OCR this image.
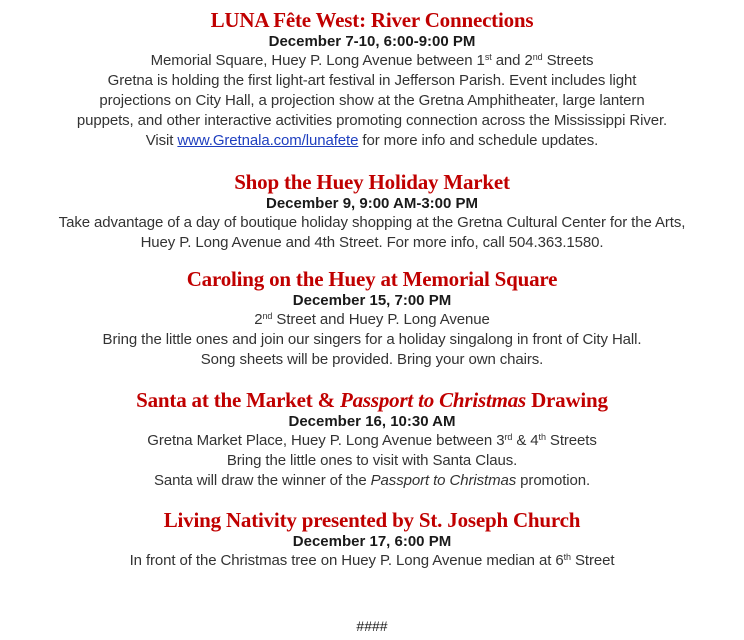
LUNA Fête West: River Connections
December 7-10, 6:00-9:00 PM
Memorial Square, Huey P. Long Avenue between 1st and 2nd Streets
Gretna is holding the first light-art festival in Jefferson Parish. Event includes light
projections on City Hall, a projection show at the Gretna Amphitheater, large lantern
puppets, and other interactive activities promoting connection across the Mississippi River.
Visit www.Gretnala.com/lunafete for more info and schedule updates.
Shop the Huey Holiday Market
December 9, 9:00 AM-3:00 PM
Take advantage of a day of boutique holiday shopping at the Gretna Cultural Center for the Arts,
Huey P. Long Avenue and 4th Street. For more info, call 504.363.1580.
Caroling on the Huey at Memorial Square
December 15, 7:00 PM
2nd Street and Huey P. Long Avenue
Bring the little ones and join our singers for a holiday singalong in front of City Hall.
Song sheets will be provided. Bring your own chairs.
Santa at the Market & Passport to Christmas Drawing
December 16, 10:30 AM
Gretna Market Place, Huey P. Long Avenue between 3rd & 4th Streets
Bring the little ones to visit with Santa Claus.
Santa will draw the winner of the Passport to Christmas promotion.
Living Nativity presented by St. Joseph Church
December 17, 6:00 PM
In front of the Christmas tree on Huey P. Long Avenue median at 6th Street
####
